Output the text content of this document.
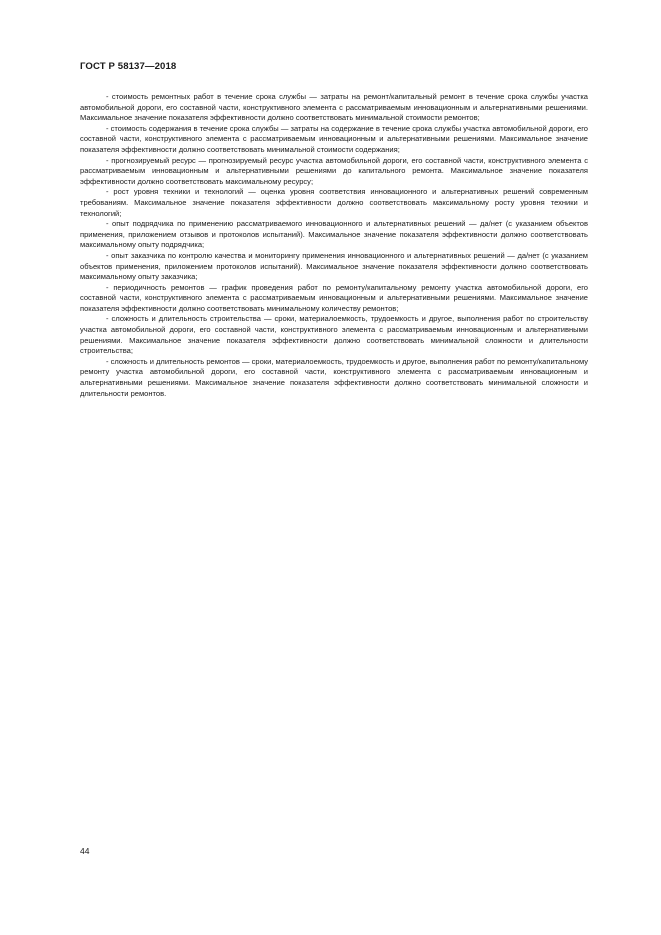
ГОСТ Р 58137—2018

- стоимость ремонтных работ в течение срока службы — затраты на ремонт/капитальный ремонт в течение срока службы участка автомобильной дороги, его составной части, конструктивного элемента с рассматриваемым инновационным и альтернативными решениями. Максимальное значение показателя эффективности должно соответствовать минимальной стоимости ремонтов;

- стоимость содержания в течение срока службы — затраты на содержание в течение срока службы участка автомобильной дороги, его составной части, конструктивного элемента с рассматриваемым инновационным и альтернативными решениями. Максимальное значение показателя эффективности должно соответствовать минимальной стоимости содержания;

- прогнозируемый ресурс — прогнозируемый ресурс участка автомобильной дороги, его составной части, конструктивного элемента с рассматриваемым инновационным и альтернативными решениями до капитального ремонта. Максимальное значение показателя эффективности должно соответствовать максимальному ресурсу;

- рост уровня техники и технологий — оценка уровня соответствия инновационного и альтернативных решений современным требованиям. Максимальное значение показателя эффективности должно соответствовать максимальному росту уровня техники и технологий;

- опыт подрядчика по применению рассматриваемого инновационного и альтернативных решений — да/нет (с указанием объектов применения, приложением отзывов и протоколов испытаний). Максимальное значение показателя эффективности должно соответствовать максимальному опыту подрядчика;

- опыт заказчика по контролю качества и мониторингу применения инновационного и альтернативных решений — да/нет (с указанием объектов применения, приложением протоколов испытаний). Максимальное значение показателя эффективности должно соответствовать максимальному опыту заказчика;

- периодичность ремонтов — график проведения работ по ремонту/капитальному ремонту участка автомобильной дороги, его составной части, конструктивного элемента с рассматриваемым инновационным и альтернативными решениями. Максимальное значение показателя эффективности должно соответствовать минимальному количеству ремонтов;

- сложность и длительность строительства — сроки, материалоемкость, трудоемкость и другое, выполнения работ по строительству участка автомобильной дороги, его составной части, конструктивного элемента с рассматриваемым инновационным и альтернативными решениями. Максимальное значение показателя эффективности должно соответствовать минимальной сложности и длительности строительства;

- сложность и длительность ремонтов — сроки, материалоемкость, трудоемкость и другое, выполнения работ по ремонту/капитальному ремонту участка автомобильной дороги, его составной части, конструктивного элемента с рассматриваемым инновационным и альтернативными решениями. Максимальное значение показателя эффективности должно соответствовать минимальной сложности и длительности ремонтов.

44
